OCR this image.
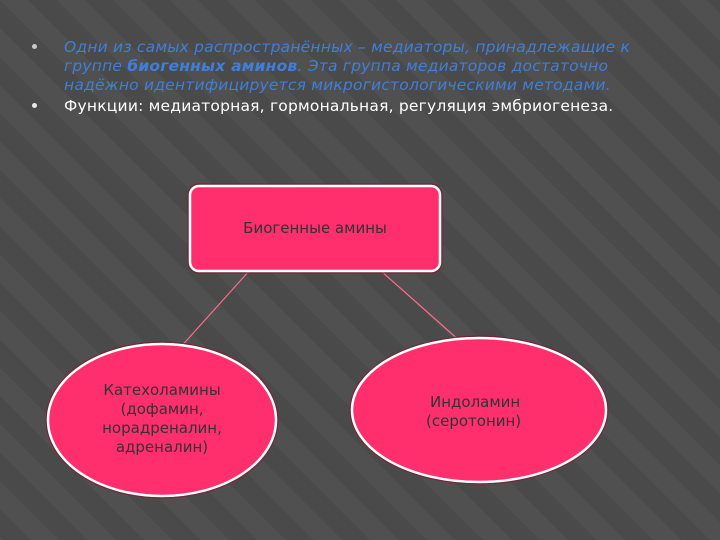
Одни из самых распространённых – медиаторы, принадлежащие к группе биогенных аминов. Эта группа медиаторов достаточно надёжно идентифицируется микрогистологическими методами.
Функции: медиаторная, гормональная, регуляция эмбриогенеза.
Биогенные амины
Катехоламины
(дофамин,
норадреналин,
адреналин)
Индоламин
(серотонин)
